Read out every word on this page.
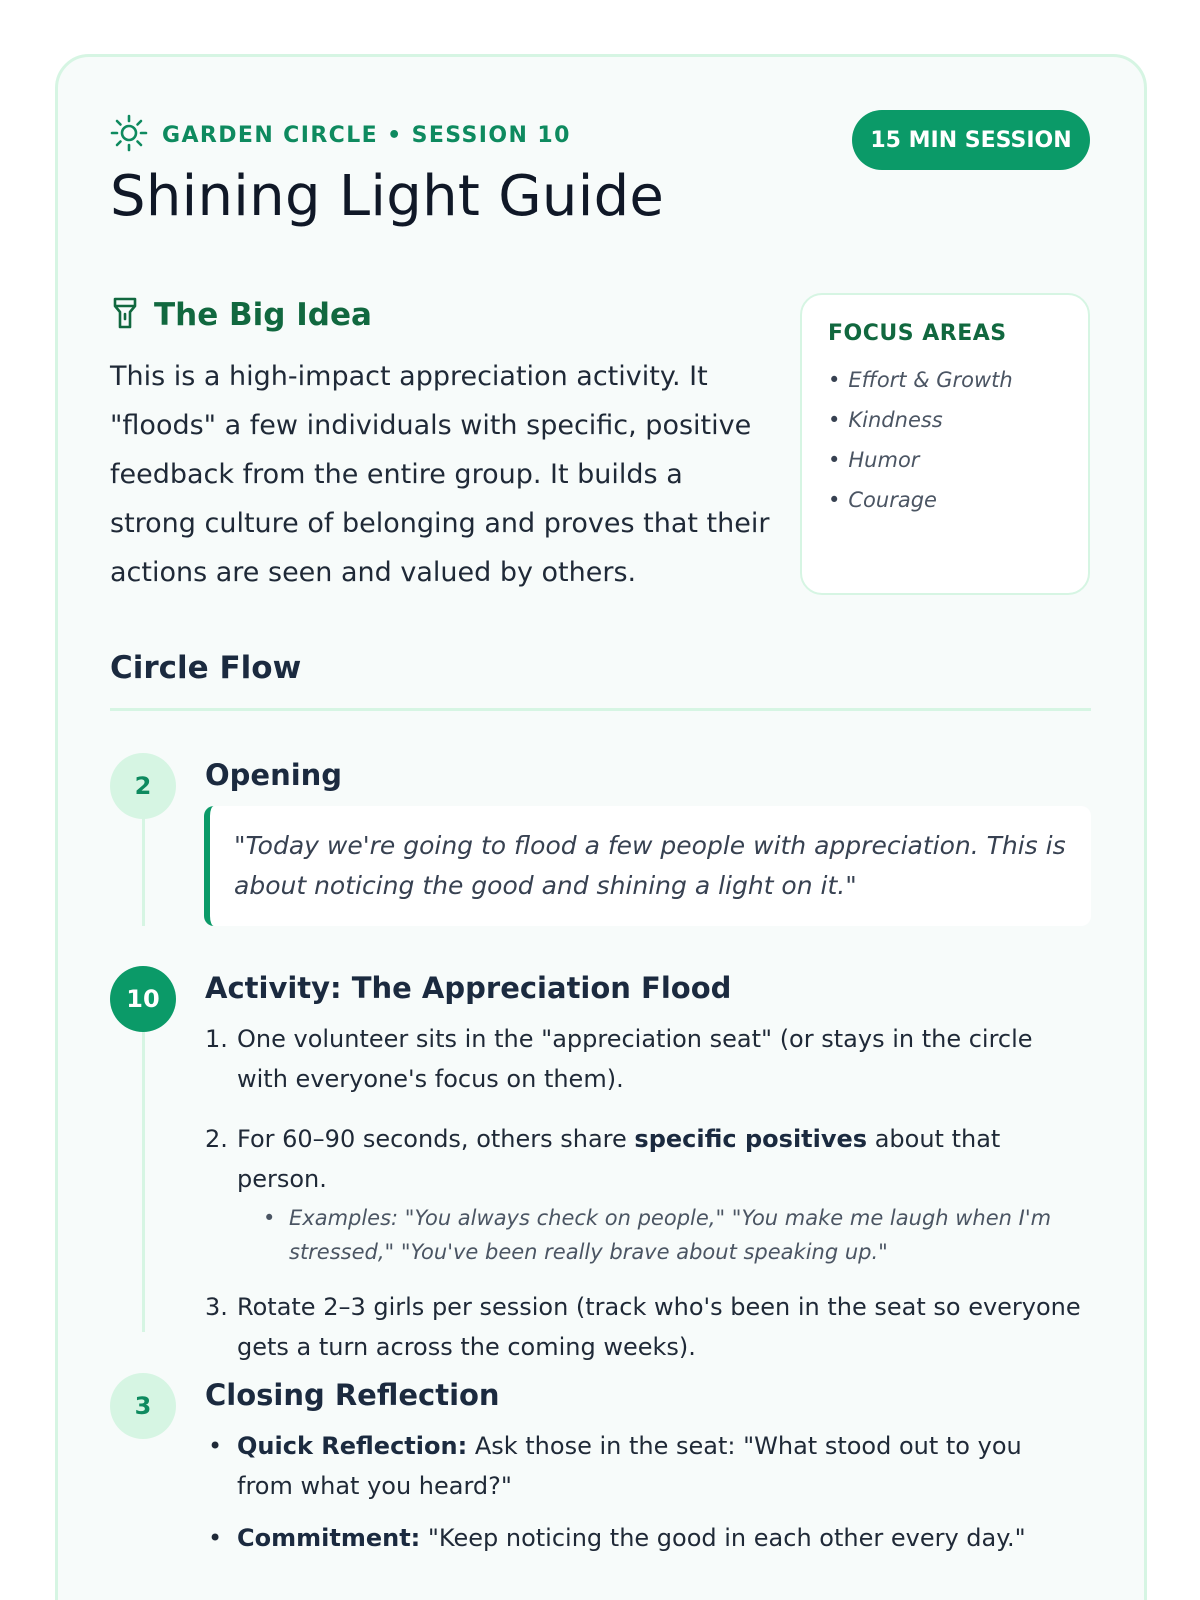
GARDEN CIRCLE • SESSION 10	15 MIN SESSION
Shining Light Guide
The Big Idea

This is a high-impact appreciation activity. It "floods" a few individuals with specific, positive feedback from the entire group. It builds a strong culture of belonging and proves that their actions are seen and valued by others.

FOCUS AREAS
• Effort & Growth
• Kindness
• Humor
• Courage
Circle Flow
2	Opening
"Today we're going to flood a few people with appreciation. This is about noticing the good and shining a light on it."
10	Activity: The Appreciation Flood
1. One volunteer sits in the "appreciation seat" (or stays in the circle with everyone's focus on them).
2. For 60–90 seconds, others share specific positives about that person.
• Examples: "You always check on people," "You make me laugh when I'm stressed," "You've been really brave about speaking up."
3. Rotate 2–3 girls per session (track who's been in the seat so everyone gets a turn across the coming weeks).
3	Closing Reflection
• Quick Reflection: Ask those in the seat: "What stood out to you from what you heard?"
• Commitment: "Keep noticing the good in each other every day."
